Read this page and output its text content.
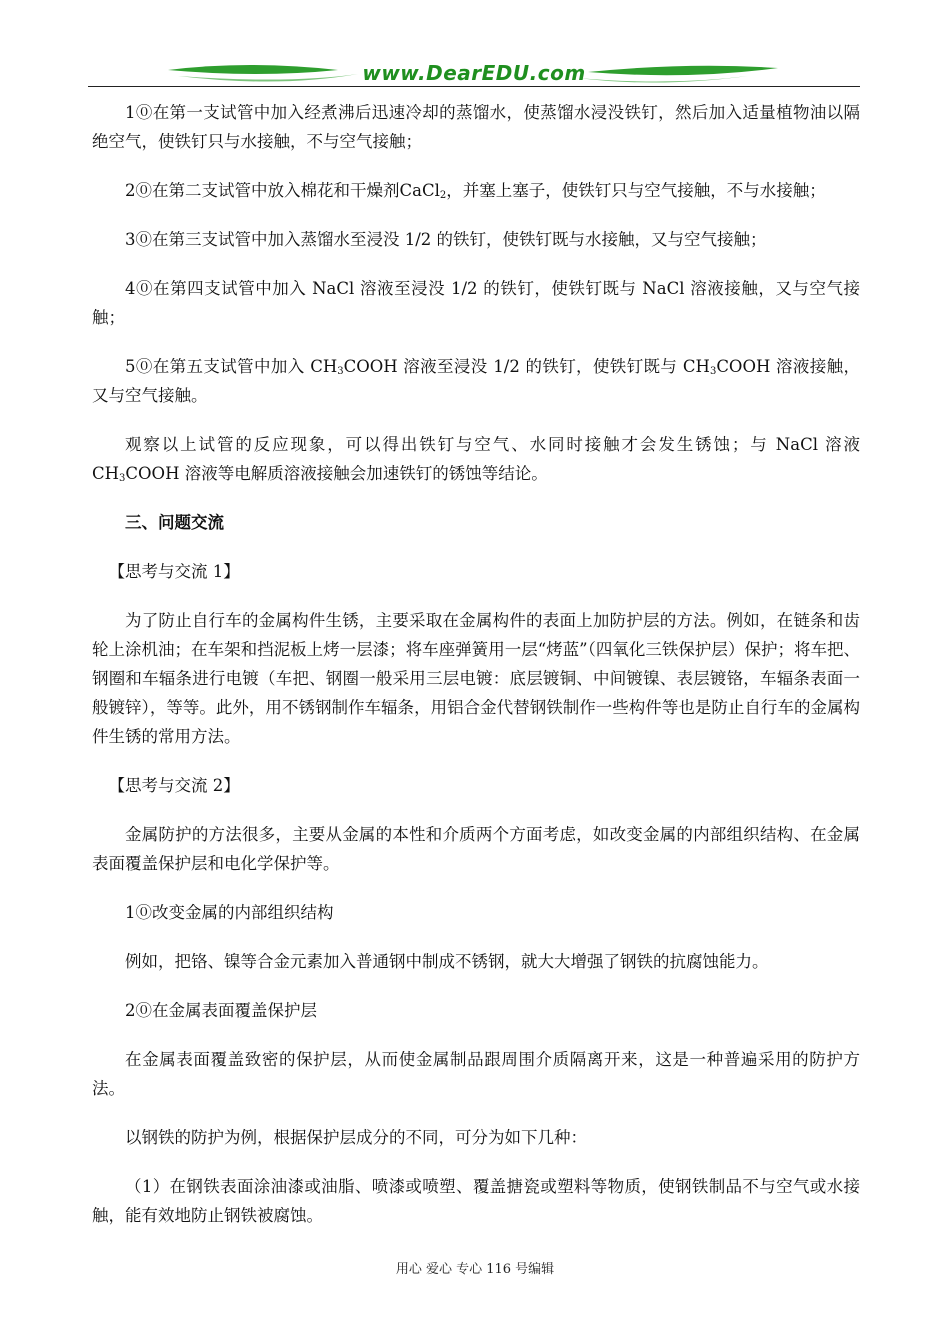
www.DearEDU.com

1⓪在第一支试管中加入经煮沸后迅速冷却的蒸馏水，使蒸馏水浸没铁钉，然后加入适量植物油以隔绝空气，使铁钉只与水接触，不与空气接触；

2⓪在第二支试管中放入棉花和干燥剂CaCl$_2$，并塞上塞子，使铁钉只与空气接触，不与水接触；

3⓪在第三支试管中加入蒸馏水至浸没 1/2 的铁钉，使铁钉既与水接触，又与空气接触；

4⓪在第四支试管中加入 NaCl 溶液至浸没 1/2 的铁钉，使铁钉既与 NaCl 溶液接触，又与空气接触；

5⓪在第五支试管中加入 $CH_3COOH$ 溶液至浸没 1/2 的铁钉，使铁钉既与 $CH_3COOH$ 溶液接触，又与空气接触。

观察以上试管的反应现象，可以得出铁钉与空气、水同时接触才会发生锈蚀；与 NaCl 溶液 $CH_3COOH$ 溶液等电解质溶液接触会加速铁钉的锈蚀等结论。

三、问题交流

【思考与交流 1】

为了防止自行车的金属构件生锈，主要采取在金属构件的表面上加防护层的方法。例如，在链条和齿轮上涂机油；在车架和挡泥板上烤一层漆；将车座弹簧用一层“烤蓝”（四氧化三铁保护层）保护；将车把、钢圈和车辐条进行电镀（车把、钢圈一般采用三层电镀：底层镀铜、中间镀镍、表层镀铬，车辐条表面一般镀锌），等等。此外，用不锈钢制作车辐条，用铝合金代替钢铁制作一些构件等也是防止自行车的金属构件生锈的常用方法。

【思考与交流 2】

金属防护的方法很多，主要从金属的本性和介质两个方面考虑，如改变金属的内部组织结构、在金属表面覆盖保护层和电化学保护等。

1⓪改变金属的内部组织结构

例如，把铬、镍等合金元素加入普通钢中制成不锈钢，就大大增强了钢铁的抗腐蚀能力。

2⓪在金属表面覆盖保护层

在金属表面覆盖致密的保护层，从而使金属制品跟周围介质隔离开来，这是一种普遍采用的防护方法。

以钢铁的防护为例，根据保护层成分的不同，可分为如下几种：

（1）在钢铁表面涂油漆或油脂、喷漆或喷塑、覆盖搪瓷或塑料等物质，使钢铁制品不与空气或水接触，能有效地防止钢铁被腐蚀。

用心 爱心 专心 116 号编辑
